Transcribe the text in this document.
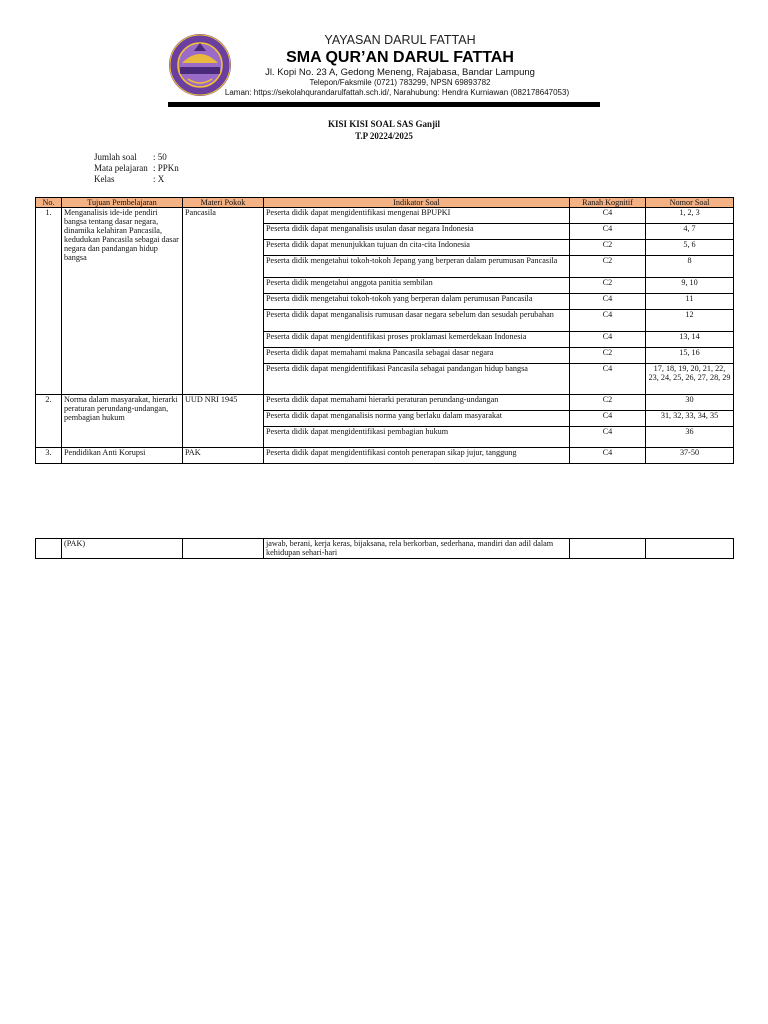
YAYASAN DARUL FATTAH
SMA QUR’AN DARUL FATTAH
Jl. Kopi No. 23 A, Gedong Meneng, Rajabasa, Bandar Lampung
Telepon/Faksmile (0721) 783299, NPSN 69893782
Laman: https://sekolahqurandarulfattah.sch.id/, Narahubung: Hendra Kurniawan (082178647053)
KISI KISI SOAL SAS Ganjil
T.P 20224/2025
Jumlah soal : 50
Mata pelajaran : PPKn
Kelas	: X
No.	Tujuan Pembelajaran	Materi Pokok	Indikator Soal	Ranah Kognitif	Nomor Soal
1.	Menganalisis ide-ide pendiri bangsa tentang dasar negara, dinamika kelahiran Pancasila, kedudukan Pancasila sebagai dasar negara dan pandangan hidup bangsa	Pancasila	Peserta didik dapat mengidentifikasi mengenai BPUPKI	C4	1, 2, 3
			Peserta didik dapat menganalisis usulan dasar negara Indonesia	C4	4, 7
			Peserta didik dapat menunjukkan tujuan dn cita-cita Indonesia	C2	5, 6
			Peserta didik mengetahui tokoh-tokoh Jepang yang berperan dalam perumusan Pancasila	C2	8
			Peserta didik mengetahui anggota panitia sembilan	C2	9, 10
			Peserta didik mengetahui tokoh-tokoh yang berperan dalam perumusan Pancasila	C4	11
			Peserta didik dapat menganalisis rumusan dasar negara sebelum dan sesudah perubahan	C4	12
			Peserta didik dapat mengidentifikasi proses proklamasi kemerdekaan Indonesia	C4	13, 14
			Peserta didik dapat memahami makna Pancasila sebagai dasar negara	C2	15, 16
			Peserta didik dapat mengidentifikasi Pancasila sebagai pandangan hidup bangsa	C4	17, 18, 19, 20, 21, 22, 23, 24, 25, 26, 27, 28, 29
2.	Norma dalam masyarakat, hierarki peraturan perundang-undangan, pembagian hukum	UUD NRI 1945	Peserta didik dapat memahami hierarki peraturan perundang-undangan	C2	30
			Peserta didik dapat menganalisis norma yang berlaku dalam masyarakat	C4	31, 32, 33, 34, 35
			Peserta didik dapat mengidentifikasi pembagian hukum	C4	36
3.	Pendidikan Anti Korupsi	PAK	Peserta didik dapat mengidentifikasi contoh penerapan sikap jujur, tanggung	C4	37-50
	(PAK)		jawab, berani, kerja keras, bijaksana, rela berkorban, sederhana, mandiri dan adil dalam kehidupan sehari-hari		
